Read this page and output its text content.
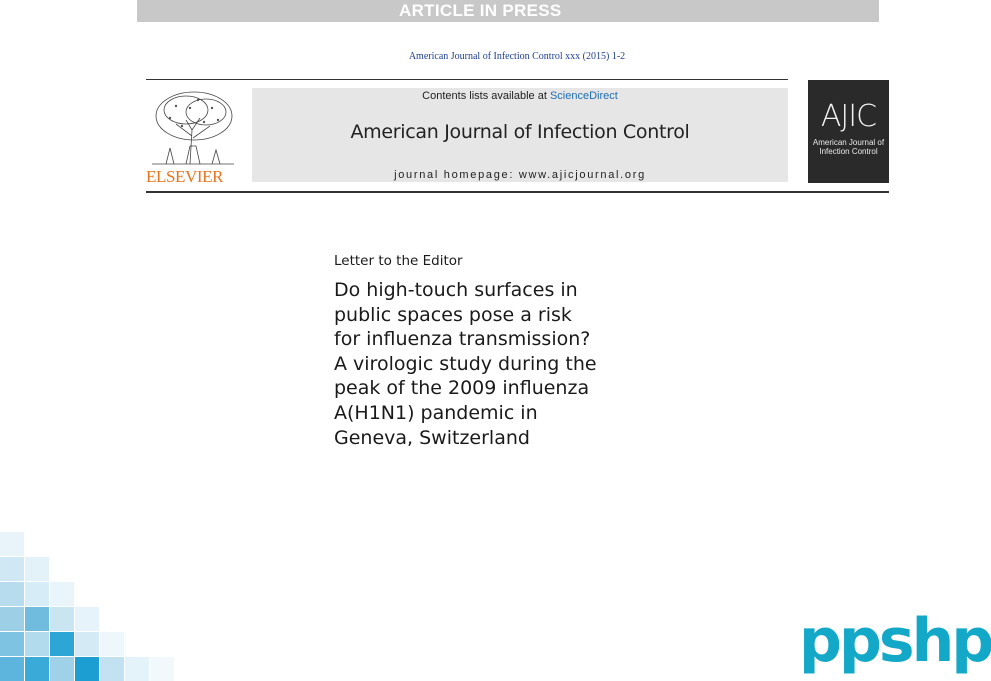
ARTICLE IN PRESS
American Journal of Infection Control xxx (2015) 1-2
ELSEVIER
Contents lists available at ScienceDirect
American Journal of Infection Control
journal homepage: www.ajicjournal.org
AJIC
American Journal of Infection Control
Letter to the Editor
Do high-touch surfaces in
public spaces pose a risk
for influenza transmission?
A virologic study during the
peak of the 2009 influenza
A(H1N1) pandemic in
Geneva, Switzerland
ppshp
